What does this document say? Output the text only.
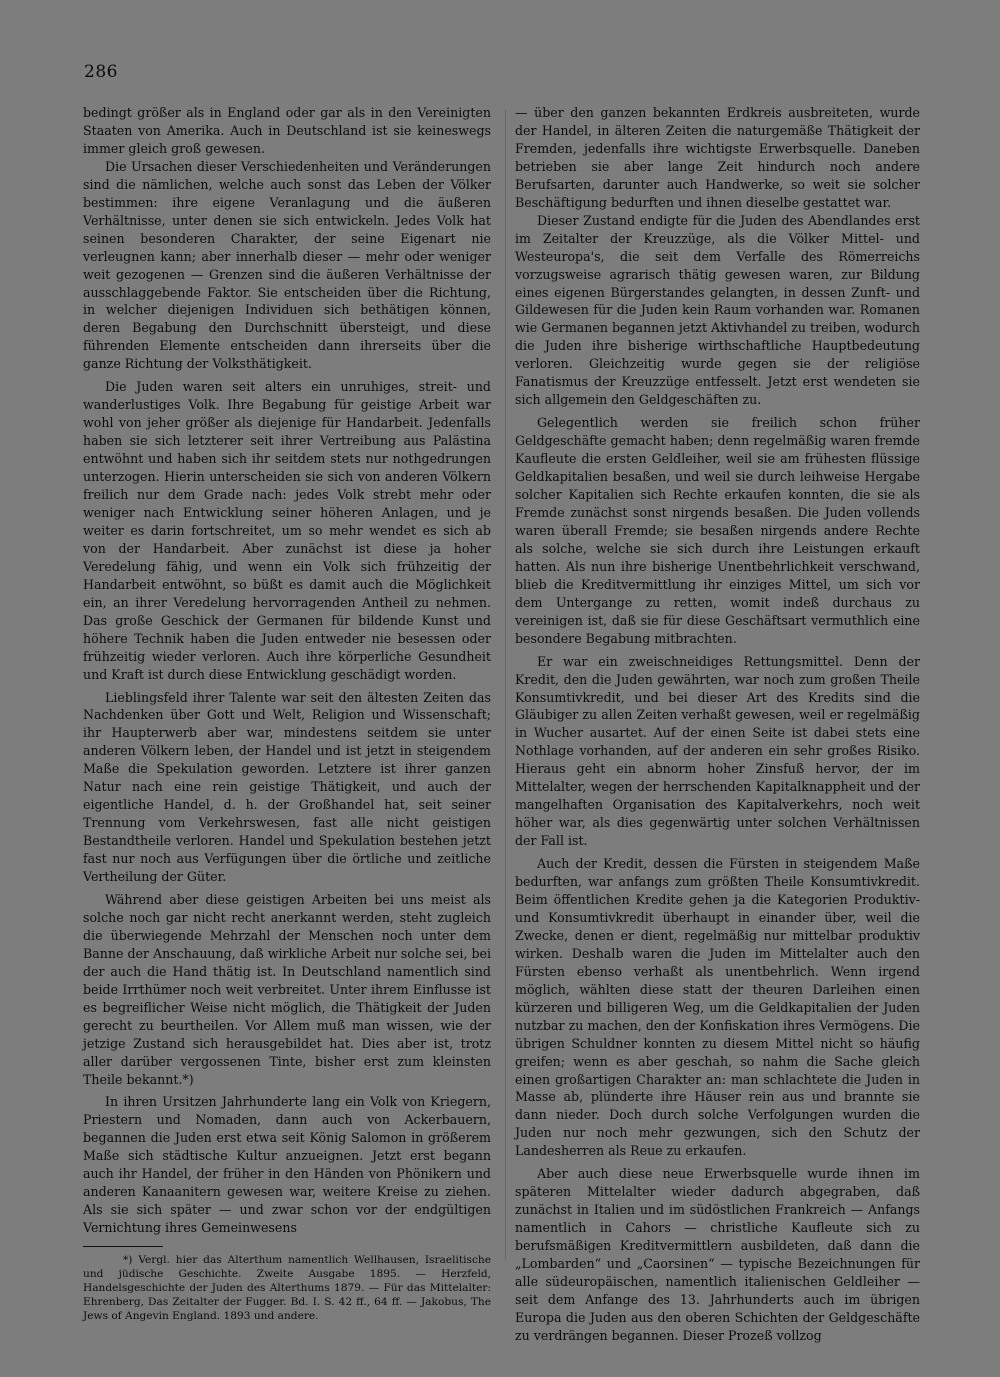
286

bedingt größer als in England oder gar als in den Vereinigten Staaten von Amerika. Auch in Deutschland ist sie keineswegs immer gleich groß gewesen.

Die Ursachen dieser Verschiedenheiten und Veränderungen sind die nämlichen, welche auch sonst das Leben der Völker bestimmen: ihre eigene Veranlagung und die äußeren Verhältnisse, unter denen sie sich entwickeln. Jedes Volk hat seinen besonderen Charakter, der seine Eigenart nie verleugnen kann; aber innerhalb dieser — mehr oder weniger weit gezogenen — Grenzen sind die äußeren Verhältnisse der ausschlaggebende Faktor. Sie entscheiden über die Richtung, in welcher diejenigen Individuen sich bethätigen können, deren Begabung den Durchschnitt übersteigt, und diese führenden Elemente entscheiden dann ihrerseits über die ganze Richtung der Volksthätigkeit.

Die Juden waren seit alters ein unruhiges, streit- und wanderlustiges Volk. Ihre Begabung für geistige Arbeit war wohl von jeher größer als diejenige für Handarbeit. Jedenfalls haben sie sich letzterer seit ihrer Vertreibung aus Palästina entwöhnt und haben sich ihr seitdem stets nur nothgedrungen unterzogen. Hierin unterscheiden sie sich von anderen Völkern freilich nur dem Grade nach: jedes Volk strebt mehr oder weniger nach Entwicklung seiner höheren Anlagen, und je weiter es darin fortschreitet, um so mehr wendet es sich ab von der Handarbeit. Aber zunächst ist diese ja hoher Veredelung fähig, und wenn ein Volk sich frühzeitig der Handarbeit entwöhnt, so büßt es damit auch die Möglichkeit ein, an ihrer Veredelung hervorragenden Antheil zu nehmen. Das große Geschick der Germanen für bildende Kunst und höhere Technik haben die Juden entweder nie besessen oder frühzeitig wieder verloren. Auch ihre körperliche Gesundheit und Kraft ist durch diese Entwicklung geschädigt worden.

Lieblingsfeld ihrer Talente war seit den ältesten Zeiten das Nachdenken über Gott und Welt, Religion und Wissenschaft; ihr Haupterwerb aber war, mindestens seitdem sie unter anderen Völkern leben, der Handel und ist jetzt in steigendem Maße die Spekulation geworden. Letztere ist ihrer ganzen Natur nach eine rein geistige Thätigkeit, und auch der eigentliche Handel, d. h. der Großhandel hat, seit seiner Trennung vom Verkehrswesen, fast alle nicht geistigen Bestandtheile verloren. Handel und Spekulation bestehen jetzt fast nur noch aus Verfügungen über die örtliche und zeitliche Vertheilung der Güter.

Während aber diese geistigen Arbeiten bei uns meist als solche noch gar nicht recht anerkannt werden, steht zugleich die überwiegende Mehrzahl der Menschen noch unter dem Banne der Anschauung, daß wirkliche Arbeit nur solche sei, bei der auch die Hand thätig ist. In Deutschland namentlich sind beide Irrthümer noch weit verbreitet. Unter ihrem Einflusse ist es begreiflicher Weise nicht möglich, die Thätigkeit der Juden gerecht zu beurtheilen. Vor Allem muß man wissen, wie der jetzige Zustand sich herausgebildet hat. Dies aber ist, trotz aller darüber vergossenen Tinte, bisher erst zum kleinsten Theile bekannt.*)

In ihren Ursitzen Jahrhunderte lang ein Volk von Kriegern, Priestern und Nomaden, dann auch von Ackerbauern, begannen die Juden erst etwa seit König Salomon in größerem Maße sich städtische Kultur anzueignen. Jetzt erst begann auch ihr Handel, der früher in den Händen von Phönikern und anderen Kanaanitern gewesen war, weitere Kreise zu ziehen. Als sie sich später — und zwar schon vor der endgültigen Vernichtung ihres Gemeinwesens

*) Vergl. hier das Alterthum namentlich Wellhausen, Israelitische und jüdische Geschichte. Zweite Ausgabe 1895. — Herzfeld, Handelsgeschichte der Juden des Alterthums 1879. — Für das Mittelalter: Ehrenberg, Das Zeitalter der Fugger. Bd. I. S. 42 ff., 64 ff. — Jakobus, The Jews of Angevin England. 1893 und andere.

— über den ganzen bekannten Erdkreis ausbreiteten, wurde der Handel, in älteren Zeiten die naturgemäße Thätigkeit der Fremden, jedenfalls ihre wichtigste Erwerbsquelle. Daneben betrieben sie aber lange Zeit hindurch noch andere Berufsarten, darunter auch Handwerke, so weit sie solcher Beschäftigung bedurften und ihnen dieselbe gestattet war.

Dieser Zustand endigte für die Juden des Abendlandes erst im Zeitalter der Kreuzzüge, als die Völker Mittel- und Westeuropa's, die seit dem Verfalle des Römerreichs vorzugsweise agrarisch thätig gewesen waren, zur Bildung eines eigenen Bürgerstandes gelangten, in dessen Zunft- und Gildewesen für die Juden kein Raum vorhanden war. Romanen wie Germanen begannen jetzt Aktivhandel zu treiben, wodurch die Juden ihre bisherige wirthschaftliche Hauptbedeutung verloren. Gleichzeitig wurde gegen sie der religiöse Fanatismus der Kreuzzüge entfesselt. Jetzt erst wendeten sie sich allgemein den Geldgeschäften zu.

Gelegentlich werden sie freilich schon früher Geldgeschäfte gemacht haben; denn regelmäßig waren fremde Kaufleute die ersten Geldleiher, weil sie am frühesten flüssige Geldkapitalien besaßen, und weil sie durch leihweise Hergabe solcher Kapitalien sich Rechte erkaufen konnten, die sie als Fremde zunächst sonst nirgends besaßen. Die Juden vollends waren überall Fremde; sie besaßen nirgends andere Rechte als solche, welche sie sich durch ihre Leistungen erkauft hatten. Als nun ihre bisherige Unentbehrlichkeit verschwand, blieb die Kreditvermittlung ihr einziges Mittel, um sich vor dem Untergange zu retten, womit indeß durchaus zu vereinigen ist, daß sie für diese Geschäftsart vermuthlich eine besondere Begabung mitbrachten.

Er war ein zweischneidiges Rettungsmittel. Denn der Kredit, den die Juden gewährten, war noch zum großen Theile Konsumtivkredit, und bei dieser Art des Kredits sind die Gläubiger zu allen Zeiten verhaßt gewesen, weil er regelmäßig in Wucher ausartet. Auf der einen Seite ist dabei stets eine Nothlage vorhanden, auf der anderen ein sehr großes Risiko. Hieraus geht ein abnorm hoher Zinsfuß hervor, der im Mittelalter, wegen der herrschenden Kapitalknappheit und der mangelhaften Organisation des Kapitalverkehrs, noch weit höher war, als dies gegenwärtig unter solchen Verhältnissen der Fall ist.

Auch der Kredit, dessen die Fürsten in steigendem Maße bedurften, war anfangs zum größten Theile Konsumtivkredit. Beim öffentlichen Kredite gehen ja die Kategorien Produktiv- und Konsumtivkredit überhaupt in einander über, weil die Zwecke, denen er dient, regelmäßig nur mittelbar produktiv wirken. Deshalb waren die Juden im Mittelalter auch den Fürsten ebenso verhaßt als unentbehrlich. Wenn irgend möglich, wählten diese statt der theuren Darleihen einen kürzeren und billigeren Weg, um die Geldkapitalien der Juden nutzbar zu machen, den der Konfiskation ihres Vermögens. Die übrigen Schuldner konnten zu diesem Mittel nicht so häufig greifen; wenn es aber geschah, so nahm die Sache gleich einen großartigen Charakter an: man schlachtete die Juden in Masse ab, plünderte ihre Häuser rein aus und brannte sie dann nieder. Doch durch solche Verfolgungen wurden die Juden nur noch mehr gezwungen, sich den Schutz der Landesherren als Reue zu erkaufen.

Aber auch diese neue Erwerbsquelle wurde ihnen im späteren Mittelalter wieder dadurch abgegraben, daß zunächst in Italien und im südöstlichen Frankreich — Anfangs namentlich in Cahors — christliche Kaufleute sich zu berufsmäßigen Kreditvermittlern ausbildeten, daß dann die „Lombarden“ und „Caorsinen“ — typische Bezeichnungen für alle südeuropäischen, namentlich italienischen Geldleiher — seit dem Anfange des 13. Jahrhunderts auch im übrigen Europa die Juden aus den oberen Schichten der Geldgeschäfte zu verdrängen begannen. Dieser Prozeß vollzog
